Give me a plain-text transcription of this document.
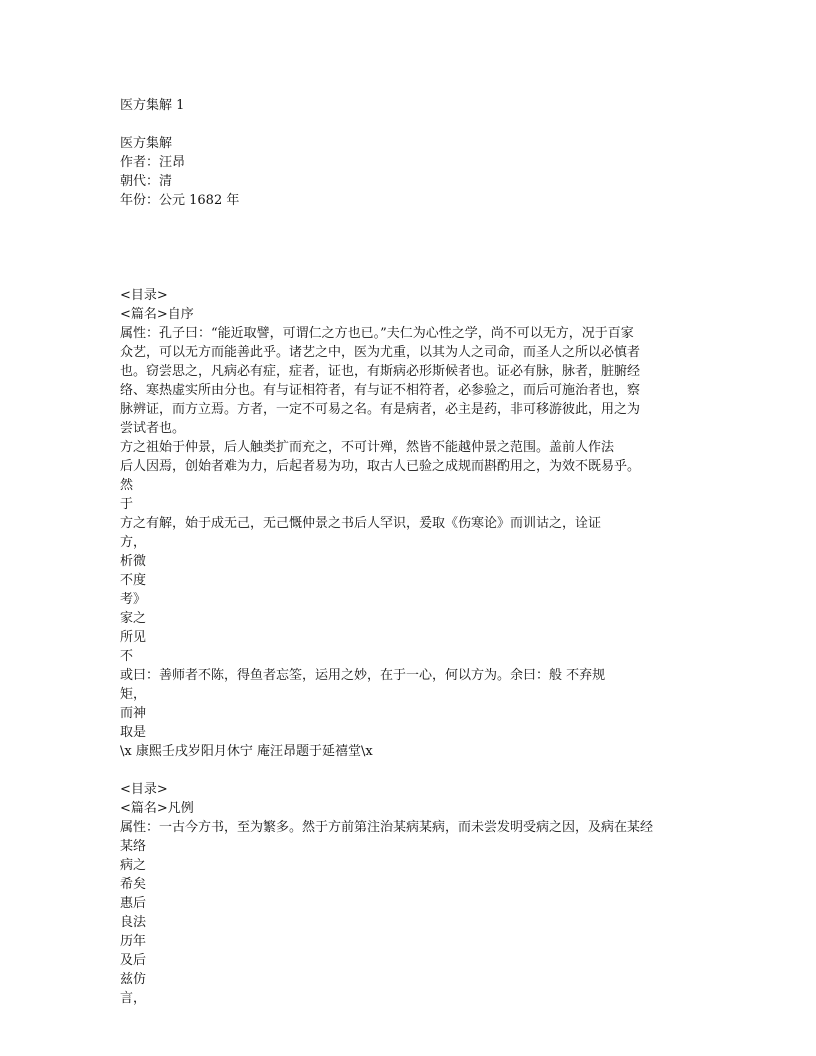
医方集解 1
医方集解
作者：汪昂
朝代：清
年份：公元 1682 年
<目录>
<篇名>自序
属性：孔子曰：“能近取譬，可谓仁之方也已。”夫仁为心性之学，尚不可以无方，况于百家
众艺，可以无方而能善此乎。诸艺之中，医为尤重，以其为人之司命，而圣人之所以必慎者
也。窃尝思之，凡病必有症，症者，证也，有斯病必形斯候者也。证必有脉，脉者，脏腑经
络、寒热虚实所由分也。有与证相符者，有与证不相符者，必参验之，而后可施治者也，察
脉辨证，而方立焉。方者，一定不可易之名。有是病者，必主是药，非可移游彼此，用之为
尝试者也。
方之祖始于仲景，后人触类扩而充之，不可计殚，然皆不能越仲景之范围。盖前人作法
后人因焉，创始者难为力，后起者易为功，取古人已验之成规而斟酌用之，为效不既易乎。
然
于
方之有解，始于成无己，无己慨仲景之书后人罕识，爰取《伤寒论》而训诂之，诠证
方，
析微
不度
考》
家之
所见
不
或曰：善师者不陈，得鱼者忘筌，运用之妙，在于一心，何以方为。余曰：般 不弃规
矩，
而神
取是
\x 康熙壬戌岁阳月休宁 庵汪昂题于延禧堂\x
<目录>
<篇名>凡例
属性：一古今方书，至为繁多。然于方前第注治某病某病，而未尝发明受病之因，及病在某经
某络
病之
希矣
惠后
良法
历年
及后
兹仿
言，
